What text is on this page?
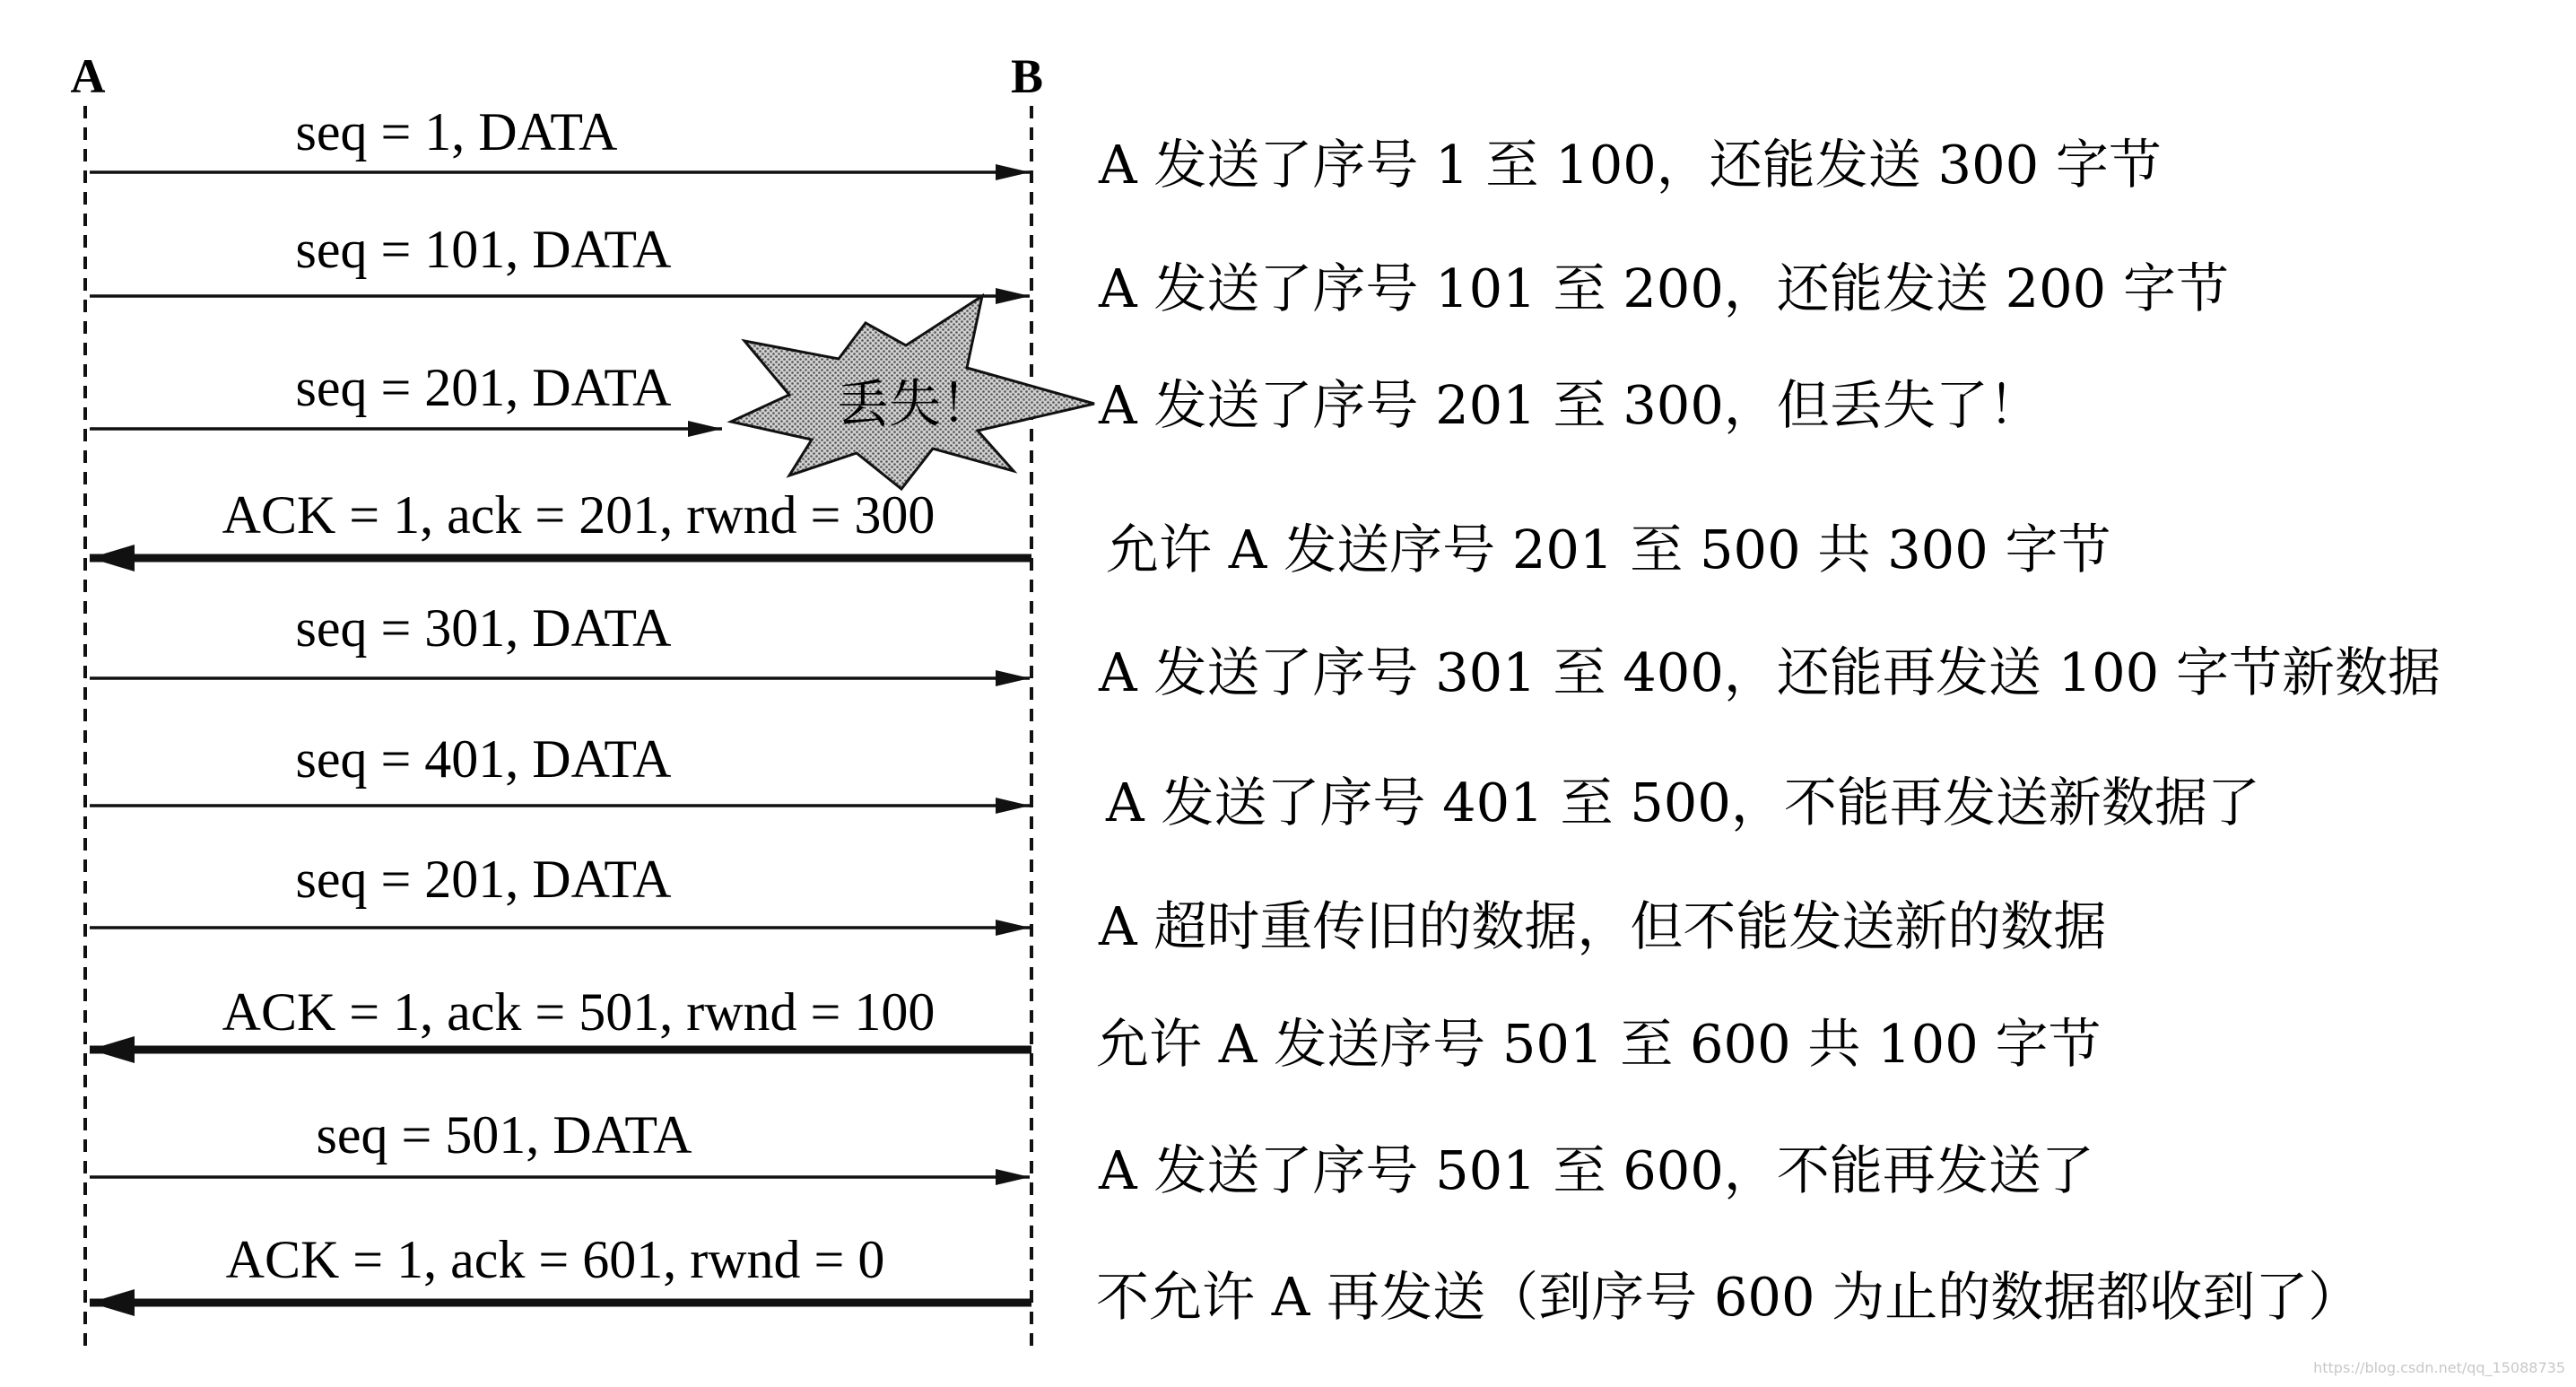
A	B
seq = 1, DATA
A 发送了序号 1 至 100，还能发送 300 字节
seq = 101, DATA
A 发送了序号 101 至 200，还能发送 200 字节
seq = 201, DATA	A 发送了序号 201 至 300，但丢失了！
ACK = 1, ack = 201, rwnd = 300
允许 A 发送序号 201 至 500 共 300 字节
seq = 301, DATA
A 发送了序号 301 至 400，还能再发送 100 字节新数据
seq = 401, DATA
A 发送了序号 401 至 500，不能再发送新数据了
seq = 201, DATA
A 超时重传旧的数据，但不能发送新的数据
ACK = 1, ack = 501, rwnd = 100
允许 A 发送序号 501 至 600 共 100 字节
seq = 501, DATA
A 发送了序号 501 至 600，不能再发送了
ACK = 1, ack = 601, rwnd = 0
不允许 A 再发送（到序号 600 为止的数据都收到了）
丢失！
https://blog.csdn.net/qq_15088735
